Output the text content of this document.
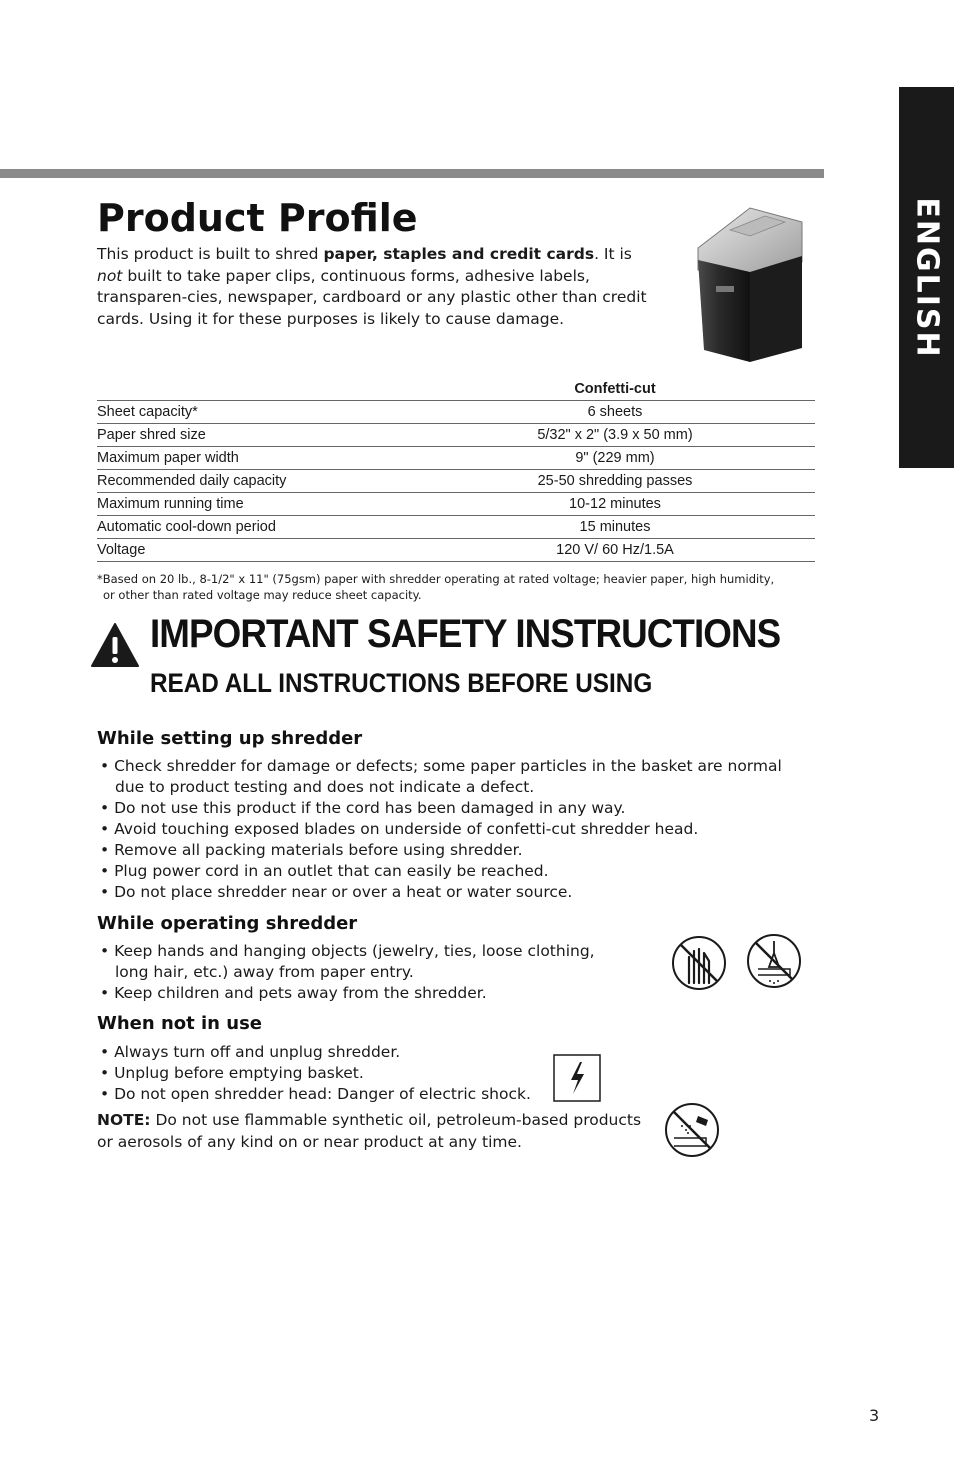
ENGLISH
Product Profile

This product is built to shred paper, staples and credit cards. It is not built to take paper clips, continuous forms, adhesive labels, transparen-cies, newspaper, cardboard or any plastic other than credit cards. Using it for these purposes is likely to cause damage.

	Confetti-cut
Sheet capacity*	6 sheets
Paper shred size	5/32" x 2" (3.9 x 50 mm)
Maximum paper width	9" (229 mm)
Recommended daily capacity	25-50 shredding passes
Maximum running time	10-12 minutes
Automatic cool-down period	15 minutes
Voltage	120 V/ 60 Hz/1.5A

*Based on 20 lb., 8-1/2" x 11" (75gsm) paper with shredder operating at rated voltage; heavier paper, high humidity,
or other than rated voltage may reduce sheet capacity.

IMPORTANT SAFETY INSTRUCTIONS
READ ALL INSTRUCTIONS BEFORE USING
While setting up shredder
• Check shredder for damage or defects; some paper particles in the basket are normal due to product testing and does not indicate a defect.
• Do not use this product if the cord has been damaged in any way.
• Avoid touching exposed blades on underside of confetti-cut shredder head.
• Remove all packing materials before using shredder.
• Plug power cord in an outlet that can easily be reached.
• Do not place shredder near or over a heat or water source.
While operating shredder
• Keep hands and hanging objects (jewelry, ties, loose clothing, long hair, etc.) away from paper entry.
• Keep children and pets away from the shredder.
When not in use
• Always turn off and unplug shredder.
• Unplug before emptying basket.
• Do not open shredder head: Danger of electric shock.

NOTE: Do not use flammable synthetic oil, petroleum-based products or aerosols of any kind on or near product at any time.

3
